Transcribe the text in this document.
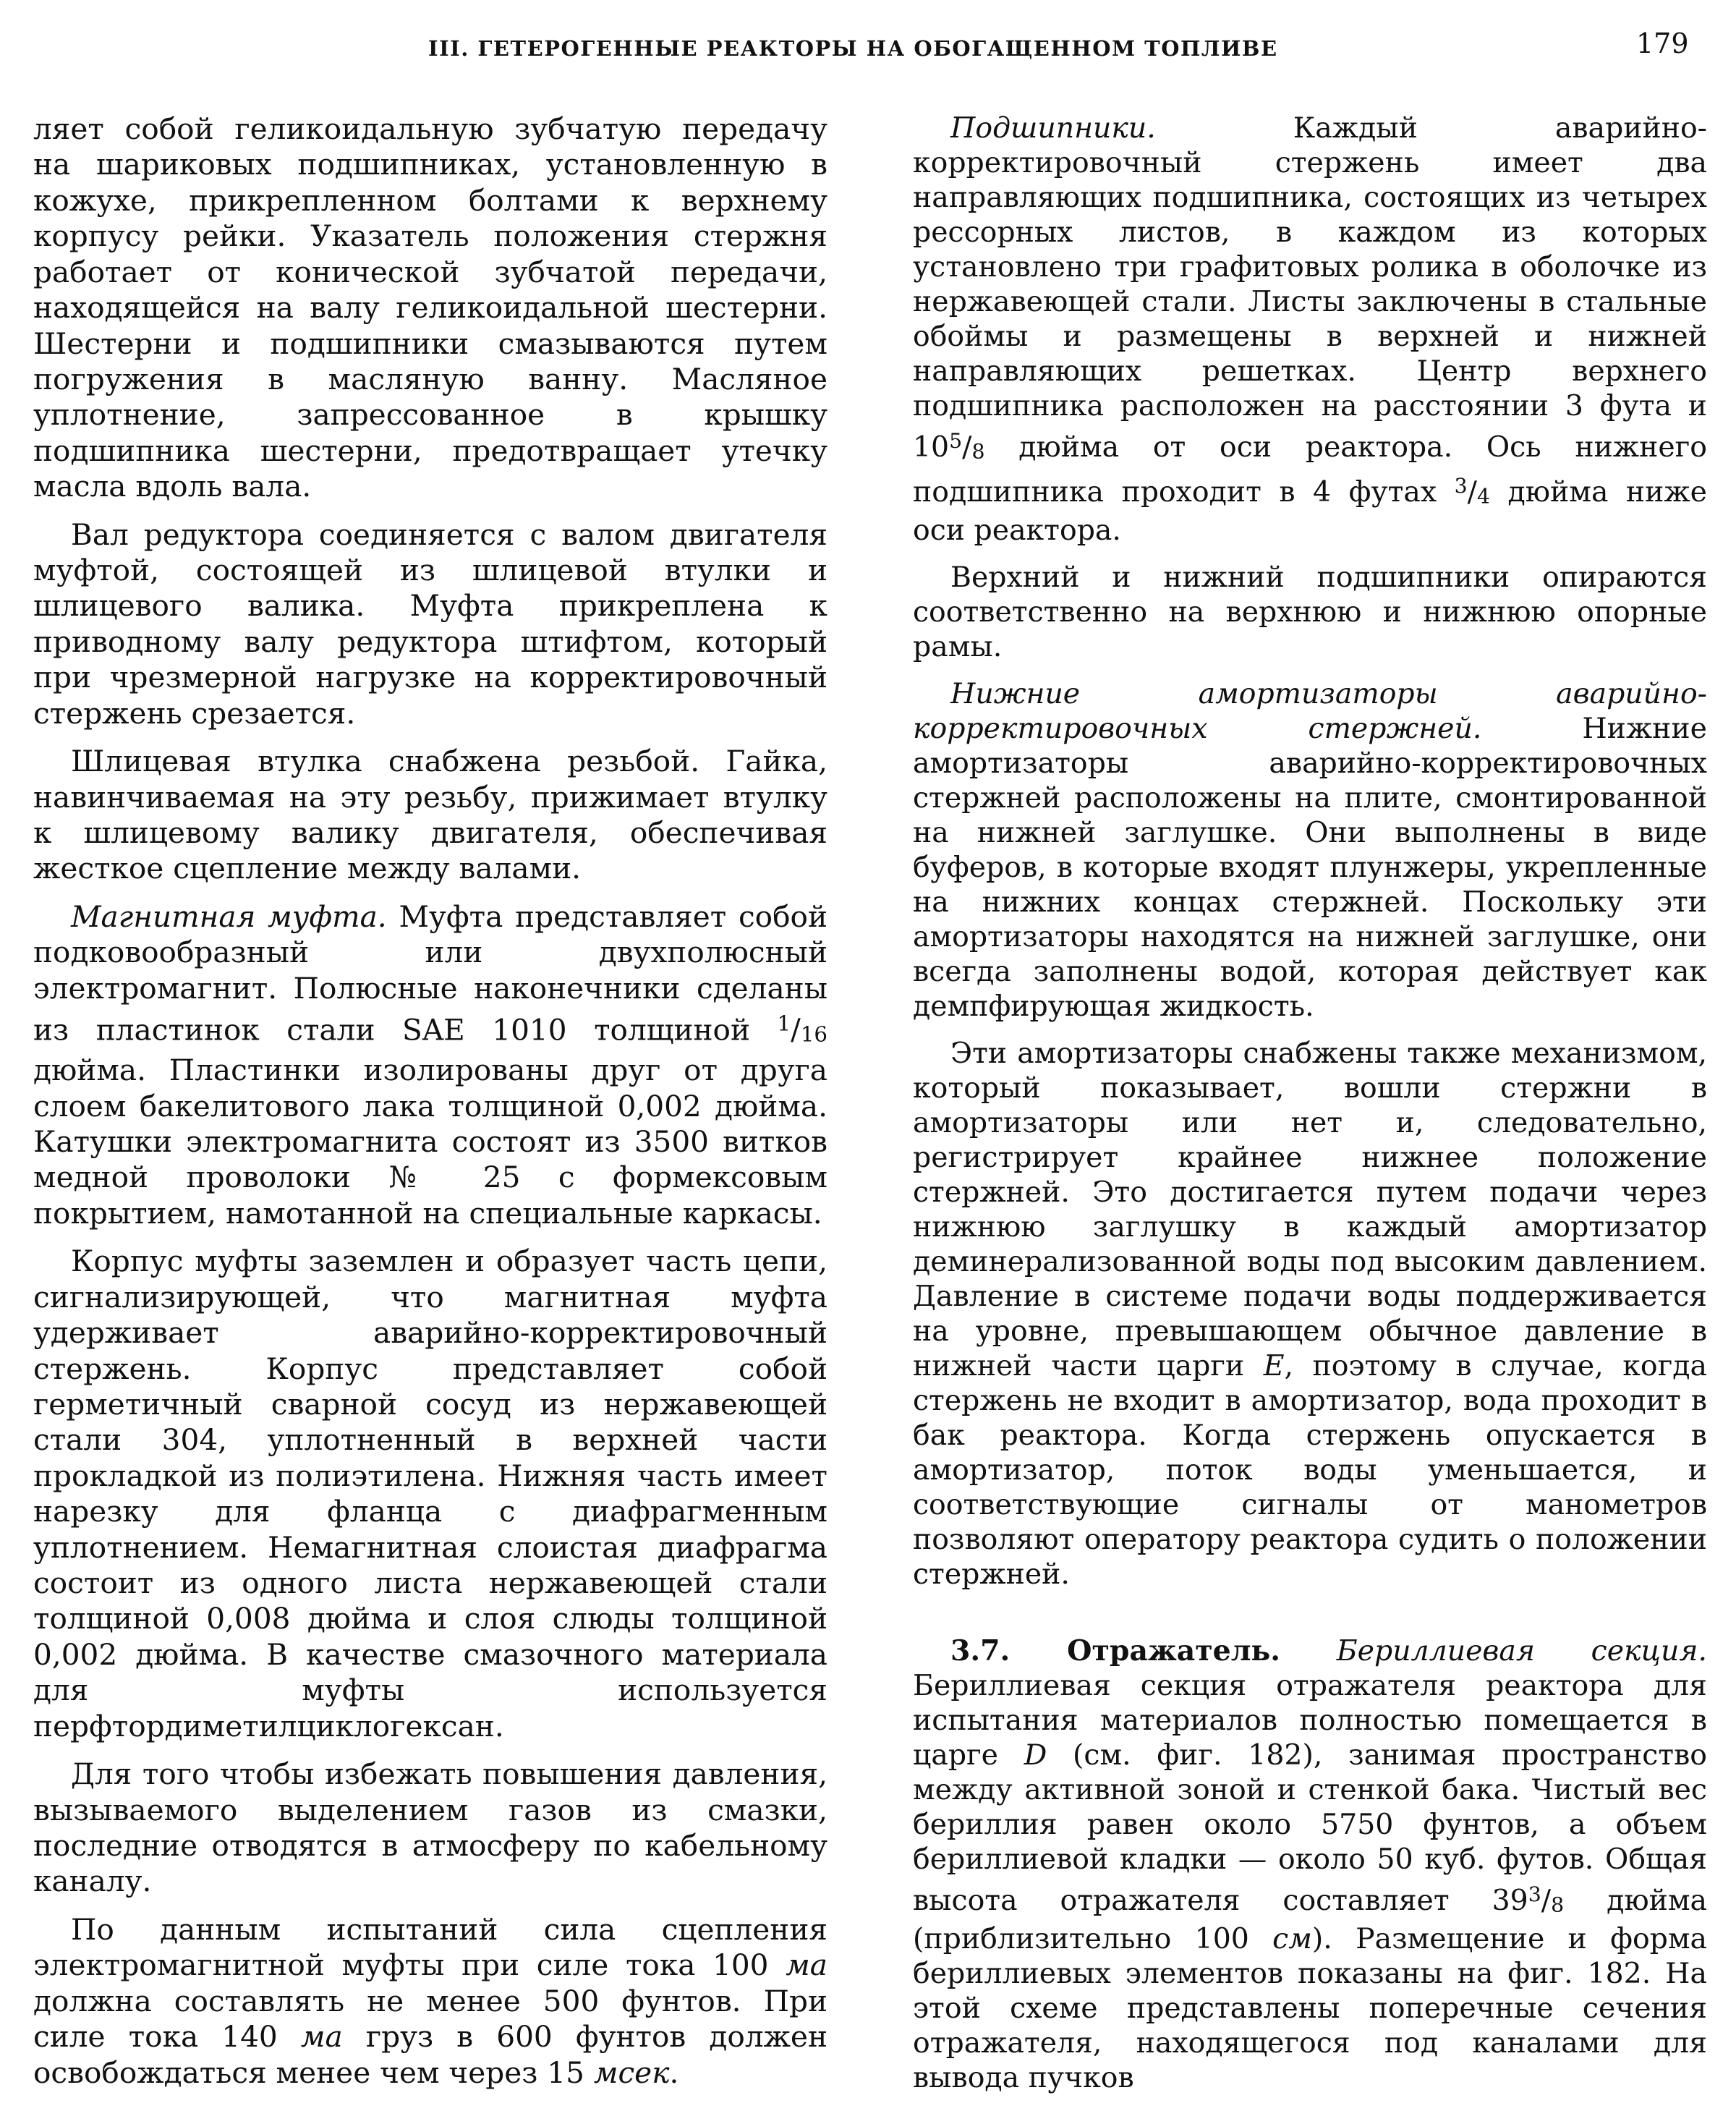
III. ГЕТЕРОГЕННЫЕ РЕАКТОРЫ НА ОБОГАЩЕННОМ ТОПЛИВЕ	179

ляет собой геликоидальную зубчатую передачу на шариковых подшипниках, установленную в кожухе, прикрепленном болтами к верхнему корпусу рейки. Указатель положения стержня работает от конической зубчатой передачи, находящейся на валу геликоидальной шестерни. Шестерни и подшипники смазываются путем погружения в масляную ванну. Масляное уплотнение, запрессованное в крышку подшипника шестерни, предотвращает утечку масла вдоль вала.

Вал редуктора соединяется с валом двигателя муфтой, состоящей из шлицевой втулки и шлицевого валика. Муфта прикреплена к приводному валу редуктора штифтом, который при чрезмерной нагрузке на корректировочный стержень срезается.

Шлицевая втулка снабжена резьбой. Гайка, навинчиваемая на эту резьбу, прижимает втулку к шлицевому валику двигателя, обеспечивая жесткое сцепление между валами.

Магнитная муфта. Муфта представляет собой подковообразный или двухполюсный электромагнит. Полюсные наконечники сделаны из пластинок стали SAE 1010 толщиной $^1$/16 дюйма. Пластинки изолированы друг от друга слоем бакелитового лака толщиной 0,002 дюйма. Катушки электромагнита состоят из 3500 витков медной проволоки № 25 с формексовым покрытием, намотанной на специальные каркасы.

Корпус муфты заземлен и образует часть цепи, сигнализирующей, что магнитная муфта удерживает аварийно-корректировочный стержень. Корпус представляет собой герметичный сварной сосуд из нержавеющей стали 304, уплотненный в верхней части прокладкой из полиэтилена. Нижняя часть имеет нарезку для фланца с диафрагменным уплотнением. Немагнитная слоистая диафрагма состоит из одного листа нержавеющей стали толщиной 0,008 дюйма и слоя слюды толщиной 0,002 дюйма. В качестве смазочного материала для муфты используется перфтордиметилциклогексан.

Для того чтобы избежать повышения давления, вызываемого выделением газов из смазки, последние отводятся в атмосферу по кабельному каналу.

По данным испытаний сила сцепления электромагнитной муфты при силе тока 100 ма должна составлять не менее 500 фунтов. При силе тока 140 ма груз в 600 фунтов должен освобождаться менее чем через 15 мсек.

Подшипники. Каждый аварийно-корректировочный стержень имеет два направляющих подшипника, состоящих из четырех рессорных листов, в каждом из которых установлено три графитовых ролика в оболочке из нержавеющей стали. Листы заключены в стальные обоймы и размещены в верхней и нижней направляющих решетках. Центр верхнего подшипника расположен на расстоянии 3 фута и $10^5/8$ дюйма от оси реактора. Ось нижнего подшипника проходит в 4 футах $^3$/4 дюйма ниже оси реактора.

Верхний и нижний подшипники опираются соответственно на верхнюю и нижнюю опорные рамы.

Нижние амортизаторы аварийно-корректировочных стержней. Нижние амортизаторы аварийно-корректировочных стержней расположены на плите, смонтированной на нижней заглушке. Они выполнены в виде буферов, в которые входят плунжеры, укрепленные на нижних концах стержней. Поскольку эти амортизаторы находятся на нижней заглушке, они всегда заполнены водой, которая действует как демпфирующая жидкость.

Эти амортизаторы снабжены также механизмом, который показывает, вошли стержни в амортизаторы или нет и, следовательно, регистрирует крайнее нижнее положение стержней. Это достигается путем подачи через нижнюю заглушку в каждый амортизатор деминерализованной воды под высоким давлением. Давление в системе подачи воды поддерживается на уровне, превышающем обычное давление в нижней части царги E, поэтому в случае, когда стержень не входит в амортизатор, вода проходит в бак реактора. Когда стержень опускается в амортизатор, поток воды уменьшается, и соответствующие сигналы от манометров позволяют оператору реактора судить о положении стержней.

3.7. Отражатель. Бериллиевая секция. Бериллиевая секция отражателя реактора для испытания материалов полностью помещается в царге D (см. фиг. 182), занимая пространство между активной зоной и стенкой бака. Чистый вес бериллия равен около 5750 фунтов, а объем бериллиевой кладки — около 50 куб. футов. Общая высота отражателя составляет $39^3/8$ дюйма (приблизительно 100 см). Размещение и форма бериллиевых элементов показаны на фиг. 182. На этой схеме представлены поперечные сечения отражателя, находящегося под каналами для вывода пучков
